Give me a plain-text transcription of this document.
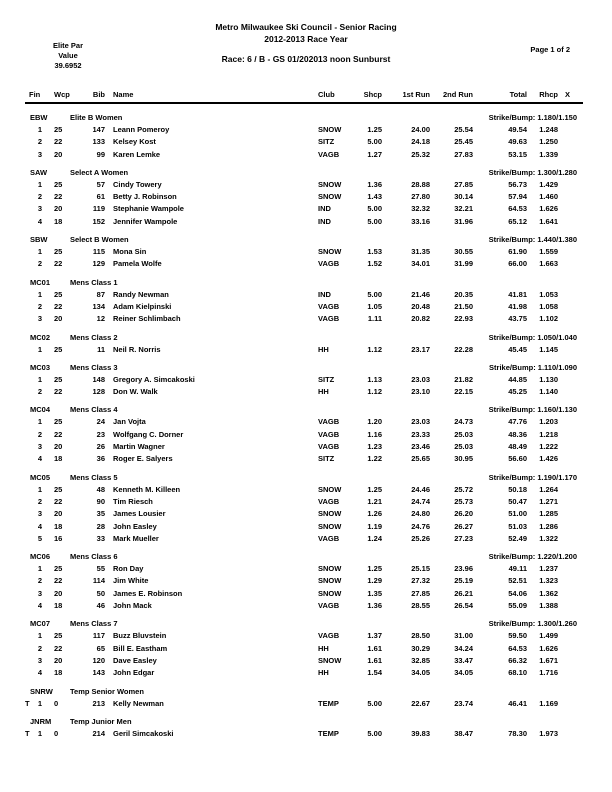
Metro Milwaukee Ski Council - Senior Racing
2012-2013 Race Year
Race: 6 / B - GS 01/202013 noon Sunburst
Elite Par
Value
39.6952
Page 1 of 2
Fin	Wcp	Bib	Name	Club	Shcp	1st Run	2nd Run	Total	Rhcp X
EBW	Elite B Women	Strike/Bump: 1.180/1.150
1	25	147	Leann Pomeroy	SNOW	1.25	24.00	25.54	49.54	1.248
2	22	133	Kelsey Kost	SITZ	5.00	24.18	25.45	49.63	1.250
3	20	99	Karen Lemke	VAGB	1.27	25.32	27.83	53.15	1.339
SAW	Select A Women	Strike/Bump: 1.300/1.280
1	25	57	Cindy Towery	SNOW	1.36	28.88	27.85	56.73	1.429
2	22	61	Betty J. Robinson	SNOW	1.43	27.80	30.14	57.94	1.460
3	20	119	Stephanie Wampole	IND	5.00	32.32	32.21	64.53	1.626
4	18	152	Jennifer Wampole	IND	5.00	33.16	31.96	65.12	1.641
SBW	Select B Women	Strike/Bump: 1.440/1.380
1	25	115	Mona Sin	SNOW	1.53	31.35	30.55	61.90	1.559
2	22	129	Pamela Wolfe	VAGB	1.52	34.01	31.99	66.00	1.663
MC01	Mens Class 1
1	25	87	Randy Newman	IND	5.00	21.46	20.35	41.81	1.053
2	22	134	Adam Kielpinski	VAGB	1.05	20.48	21.50	41.98	1.058
3	20	12	Reiner Schlimbach	VAGB	1.11	20.82	22.93	43.75	1.102
MC02	Mens Class 2	Strike/Bump: 1.050/1.040
1	25	11	Neil R. Norris	HH	1.12	23.17	22.28	45.45	1.145
MC03	Mens Class 3	Strike/Bump: 1.110/1.090
1	25	148	Gregory A. Simcakoski	SITZ	1.13	23.03	21.82	44.85	1.130
2	22	128	Don W. Walk	HH	1.12	23.10	22.15	45.25	1.140
MC04	Mens Class 4	Strike/Bump: 1.160/1.130
1	25	24	Jan Vojta	VAGB	1.20	23.03	24.73	47.76	1.203
2	22	23	Wolfgang C. Dorner	VAGB	1.16	23.33	25.03	48.36	1.218
3	20	26	Martin Wagner	VAGB	1.23	23.46	25.03	48.49	1.222
4	18	36	Roger E. Salyers	SITZ	1.22	25.65	30.95	56.60	1.426
MC05	Mens Class 5	Strike/Bump: 1.190/1.170
1	25	48	Kenneth M. Killeen	SNOW	1.25	24.46	25.72	50.18	1.264
2	22	90	Tim Riesch	VAGB	1.21	24.74	25.73	50.47	1.271
3	20	35	James Lousier	SNOW	1.26	24.80	26.20	51.00	1.285
4	18	28	John Easley	SNOW	1.19	24.76	26.27	51.03	1.286
5	16	33	Mark Mueller	VAGB	1.24	25.26	27.23	52.49	1.322
MC06	Mens Class 6	Strike/Bump: 1.220/1.200
1	25	55	Ron Day	SNOW	1.25	25.15	23.96	49.11	1.237
2	22	114	Jim White	SNOW	1.29	27.32	25.19	52.51	1.323
3	20	50	James E. Robinson	SNOW	1.35	27.85	26.21	54.06	1.362
4	18	46	John Mack	VAGB	1.36	28.55	26.54	55.09	1.388
MC07	Mens Class 7	Strike/Bump: 1.300/1.260
1	25	117	Buzz Bluvstein	VAGB	1.37	28.50	31.00	59.50	1.499
2	22	65	Bill E. Eastham	HH	1.61	30.29	34.24	64.53	1.626
3	20	120	Dave Easley	SNOW	1.61	32.85	33.47	66.32	1.671
4	18	143	John Edgar	HH	1.54	34.05	34.05	68.10	1.716
SNRW	Temp Senior Women
T	1	0	213	Kelly Newman	TEMP	5.00	22.67	23.74	46.41	1.169
JNRM	Temp Junior Men
T	1	0	214	Geril Simcakoski	TEMP	5.00	39.83	38.47	78.30	1.973
